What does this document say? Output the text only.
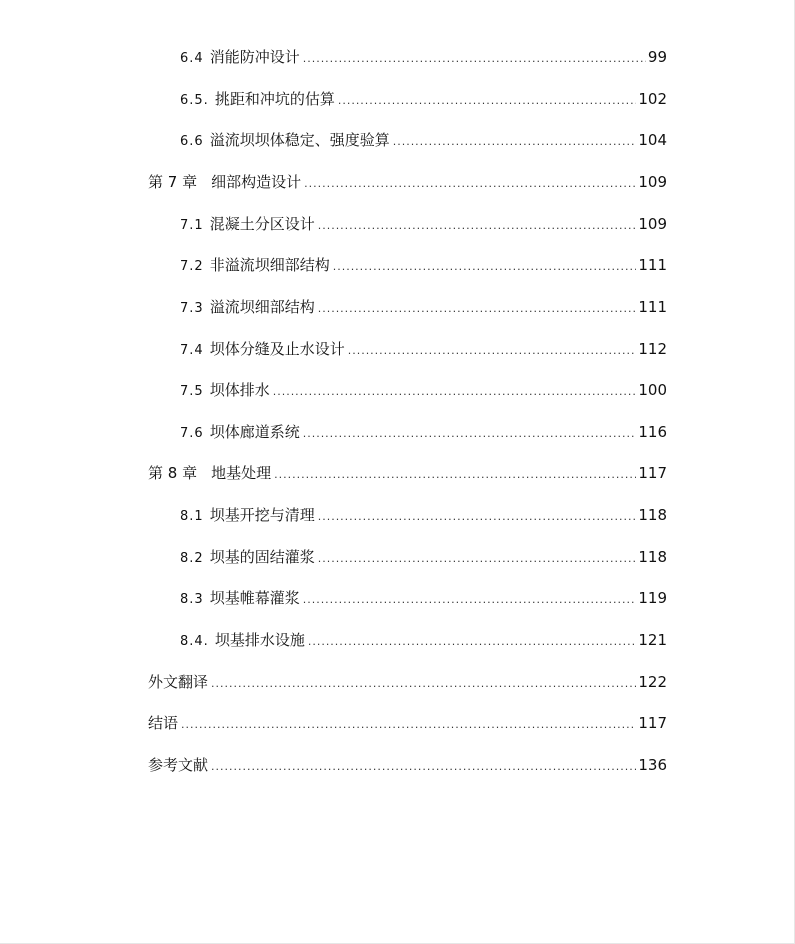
6.4 消能防冲设计 .....	99
6.5. 挑距和冲坑的估算 .....	102
6.6 溢流坝坝体稳定、强度验算 .....	104
第 7 章 细部构造设计 .....	109
7.1 混凝土分区设计 .....	109
7.2 非溢流坝细部结构 .....	111
7.3 溢流坝细部结构 .....	111
7.4 坝体分缝及止水设计 .....	112
7.5 坝体排水 .....	100
7.6 坝体廊道系统 .....	116
第 8 章 地基处理 .....	117
8.1 坝基开挖与清理 .....	118
8.2 坝基的固结灌浆 .....	118
8.3 坝基帷幕灌浆 .....	119
8.4. 坝基排水设施 .....	121
外文翻译 .....	122
结语 .....	117
参考文献 .....	136
